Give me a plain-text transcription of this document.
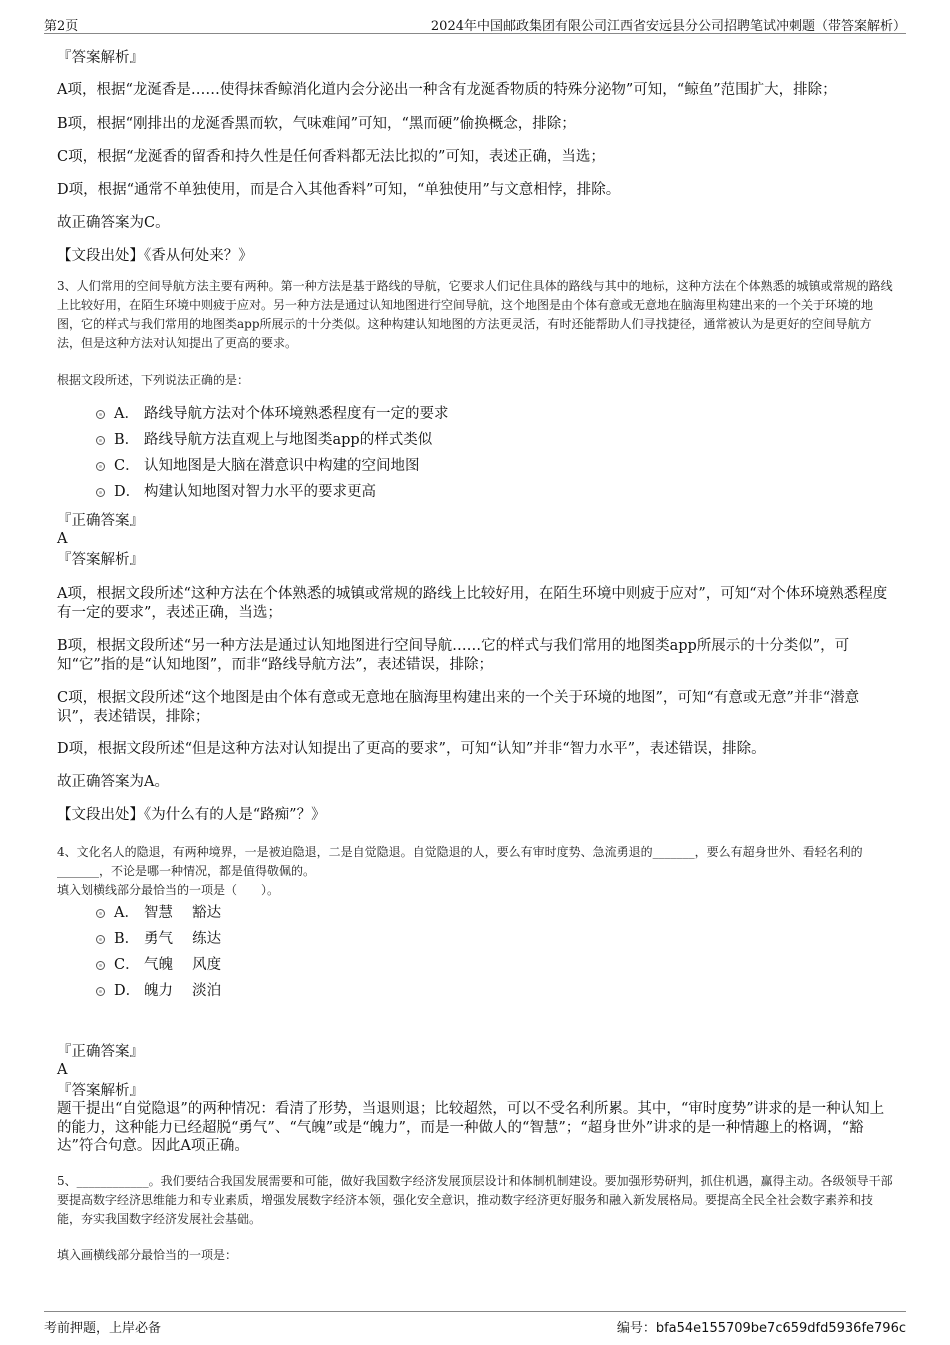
第2页	2024年中国邮政集团有限公司江西省安远县分公司招聘笔试冲刺题（带答案解析）
『答案解析』
A项，根据“龙涎香是……使得抹香鲸消化道内会分泌出一种含有龙涎香物质的特殊分泌物”可知，“鲸鱼”范围扩大，排除；
B项，根据“刚排出的龙涎香黑而软，气味难闻”可知，“黑而硬”偷换概念，排除；
C项，根据“龙涎香的留香和持久性是任何香料都无法比拟的”可知，表述正确，当选；
D项，根据“通常不单独使用，而是合入其他香料”可知，“单独使用”与文意相悖，排除。
故正确答案为C。
【文段出处】《香从何处来？》
3、人们常用的空间导航方法主要有两种。第一种方法是基于路线的导航，它要求人们记住具体的路线与其中的地标，这种方法在个体熟悉的城镇或常规的路线上比较好用，在陌生环境中则疲于应对。另一种方法是通过认知地图进行空间导航，这个地图是由个体有意或无意地在脑海里构建出来的一个关于环境的地图，它的样式与我们常用的地图类app所展示的十分类似。这种构建认知地图的方法更灵活，有时还能帮助人们寻找捷径，通常被认为是更好的空间导航方法，但是这种方法对认知提出了更高的要求。
根据文段所述，下列说法正确的是：
A． 路线导航方法对个体环境熟悉程度有一定的要求
B． 路线导航方法直观上与地图类app的样式类似
C． 认知地图是大脑在潜意识中构建的空间地图
D． 构建认知地图对智力水平的要求更高
『正确答案』
A
『答案解析』
A项，根据文段所述“这种方法在个体熟悉的城镇或常规的路线上比较好用，在陌生环境中则疲于应对”，可知“对个体环境熟悉程度有一定的要求”，表述正确，当选；
B项，根据文段所述“另一种方法是通过认知地图进行空间导航……它的样式与我们常用的地图类app所展示的十分类似”，可知“它”指的是“认知地图”，而非“路线导航方法”，表述错误，排除；
C项，根据文段所述“这个地图是由个体有意或无意地在脑海里构建出来的一个关于环境的地图”，可知“有意或无意”并非“潜意识”，表述错误，排除；
D项，根据文段所述“但是这种方法对认知提出了更高的要求”，可知“认知”并非“智力水平”，表述错误，排除。
故正确答案为A。
【文段出处】《为什么有的人是“路痴”？》
4、文化名人的隐退，有两种境界，一是被迫隐退，二是自觉隐退。自觉隐退的人，要么有审时度势、急流勇退的_______，要么有超身世外、看轻名利的_______，不论是哪一种情况，都是值得敬佩的。
填入划横线部分最恰当的一项是（　　）。
A． 智慧　 豁达
B． 勇气　 练达
C． 气魄　 风度
D． 魄力　 淡泊
『正确答案』
A
『答案解析』
题干提出“自觉隐退”的两种情况：看清了形势，当退则退；比较超然，可以不受名利所累。其中，“审时度势”讲求的是一种认知上的能力，这种能力已经超脱“勇气”、“气魄”或是“魄力”，而是一种做人的“智慧”；“超身世外”讲求的是一种情趣上的格调，“豁达”符合句意。因此A项正确。
5、____________。我们要结合我国发展需要和可能，做好我国数字经济发展顶层设计和体制机制建设。要加强形势研判，抓住机遇，赢得主动。各级领导干部要提高数字经济思维能力和专业素质，增强发展数字经济本领，强化安全意识，推动数字经济更好服务和融入新发展格局。要提高全民全社会数字素养和技能，夯实我国数字经济发展社会基础。
填入画横线部分最恰当的一项是：
考前押题，上岸必备	编号：bfa54e155709be7c659dfd5936fe796c
